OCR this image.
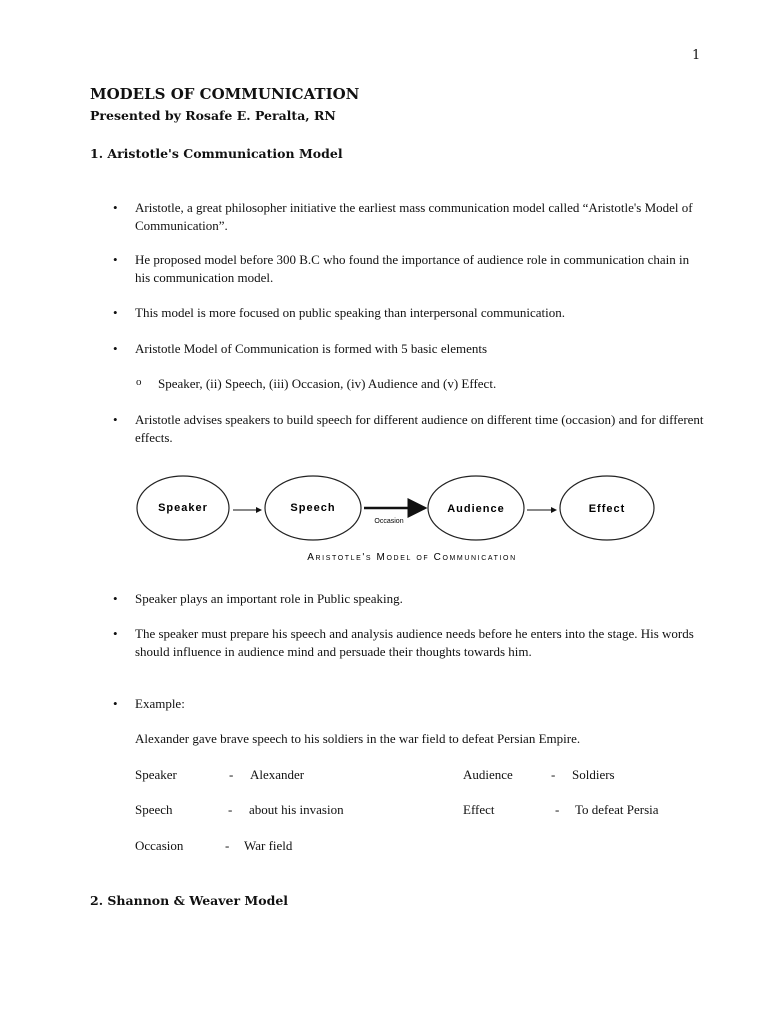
1
MODELS OF COMMUNICATION
Presented by Rosafe E. Peralta, RN
1. Aristotle's Communication Model
• Aristotle, a great philosopher initiative the earliest mass communication model called “Aristotle's Model of Communication”.
• He proposed model before 300 B.C who found the importance of audience role in communication chain in his communication model.
• This model is more focused on public speaking than interpersonal communication.
• Aristotle Model of Communication is formed with 5 basic elements
o Speaker, (ii) Speech, (iii) Occasion, (iv) Audience and (v) Effect.
• Aristotle advises speakers to build speech for different audience on different time (occasion) and for different effects.
Speaker	Speech	Audience	Effect
Occasion
Aristotle's Model of Communication
• Speaker plays an important role in Public speaking.
• The speaker must prepare his speech and analysis audience needs before he enters into the stage. His words should influence in audience mind and persuade their thoughts towards him.
• Example:
Alexander gave brave speech to his soldiers in the war field to defeat Persian Empire.
Speaker	- Alexander	Audience	- Soldiers
Speech	- about his invasion	Effect	- To defeat Persia
Occasion	- War field
2. Shannon & Weaver Model
